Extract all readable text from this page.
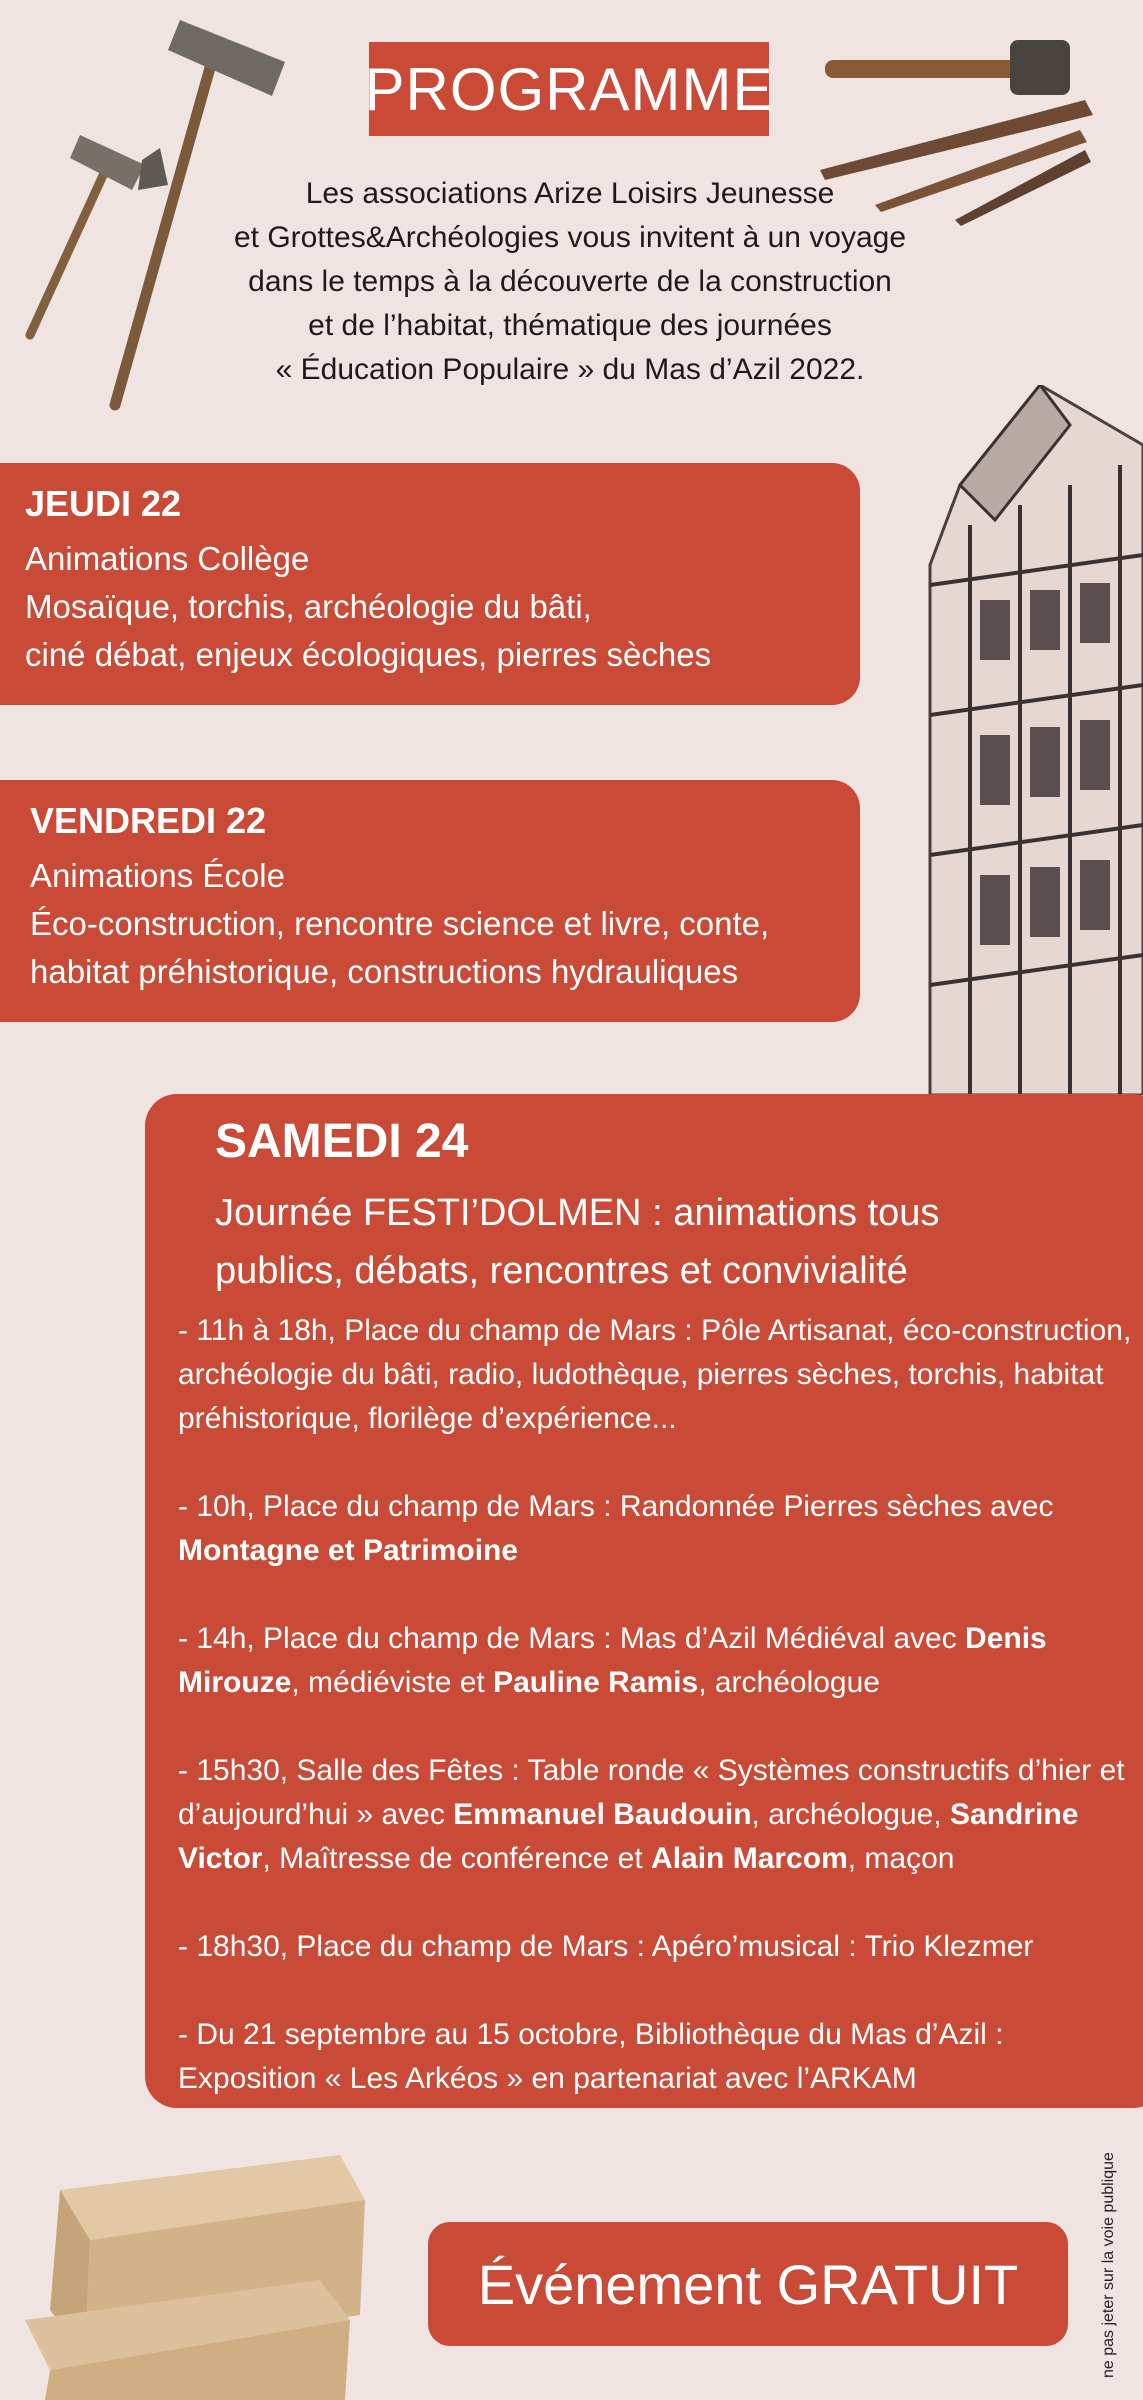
PROGRAMME
Les associations Arize Loisirs Jeunesse
et Grottes&Archéologies vous invitent à un voyage
dans le temps à la découverte de la construction
et de l’habitat, thématique des journées
« Éducation Populaire » du Mas d’Azil 2022.
JEUDI 22
Animations Collège
Mosaïque, torchis, archéologie du bâti,
ciné débat, enjeux écologiques, pierres sèches
VENDREDI 22
Animations École
Éco-construction, rencontre science et livre, conte,
habitat préhistorique, constructions hydrauliques
SAMEDI 24
Journée FESTI’DOLMEN : animations tous
publics, débats, rencontres et convivialité
- 11h à 18h, Place du champ de Mars : Pôle Artisanat, éco-construction, archéologie du bâti, radio, ludothèque, pierres sèches, torchis, habitat préhistorique, florilège d’expérience...
- 10h, Place du champ de Mars : Randonnée Pierres sèches avec Montagne et Patrimoine
- 14h, Place du champ de Mars : Mas d’Azil Médiéval avec Denis Mirouze, médiéviste et Pauline Ramis, archéologue
- 15h30, Salle des Fêtes : Table ronde « Systèmes constructifs d’hier et d’aujourd’hui » avec Emmanuel Baudouin, archéologue, Sandrine Victor, Maîtresse de conférence et Alain Marcom, maçon
- 18h30, Place du champ de Mars : Apéro’musical : Trio Klezmer
- Du 21 septembre au 15 octobre, Bibliothèque du Mas d’Azil : Exposition « Les Arkéos » en partenariat avec l’ARKAM
Événement GRATUIT	ne pas jeter sur la voie publique
